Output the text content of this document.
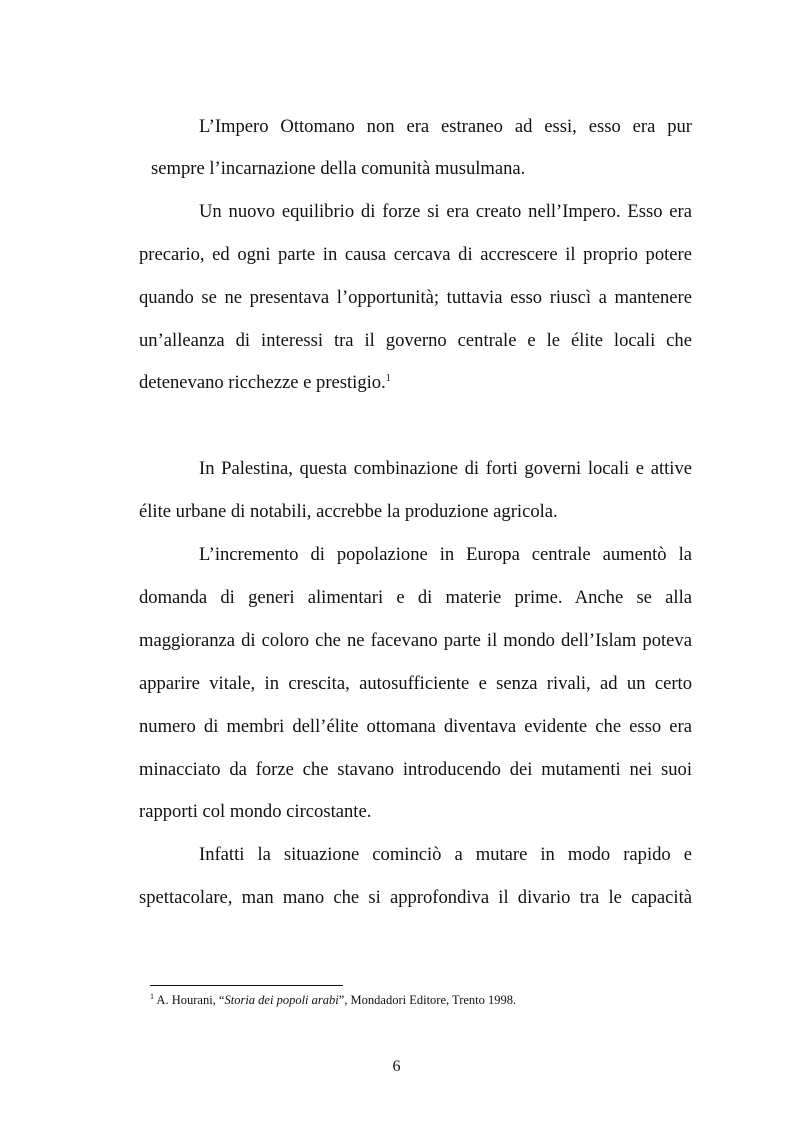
L’Impero Ottomano non era estraneo ad essi, esso era pur
sempre l’incarnazione della comunità musulmana.
Un nuovo equilibrio di forze si era creato nell’Impero. Esso era
precario, ed ogni parte in causa cercava di accrescere il proprio potere
quando se ne presentava l’opportunità; tuttavia esso riuscì a mantenere
un’alleanza di interessi tra il governo centrale e le élite locali che
detenevano ricchezze e prestigio.$^1$
In Palestina, questa combinazione di forti governi locali e attive
élite urbane di notabili, accrebbe la produzione agricola.
L’incremento di popolazione in Europa centrale aumentò la
domanda di generi alimentari e di materie prime. Anche se alla
maggioranza di coloro che ne facevano parte il mondo dell’Islam poteva
apparire vitale, in crescita, autosufficiente e senza rivali, ad un certo
numero di membri dell’élite ottomana diventava evidente che esso era
minacciato da forze che stavano introducendo dei mutamenti nei suoi
rapporti col mondo circostante.
Infatti la situazione cominciò a mutare in modo rapido e
spettacolare, man mano che si approfondiva il divario tra le capacità
$^1$ A. Hourani, “Storia dei popoli arabi”, Mondadori Editore, Trento 1998.
6
